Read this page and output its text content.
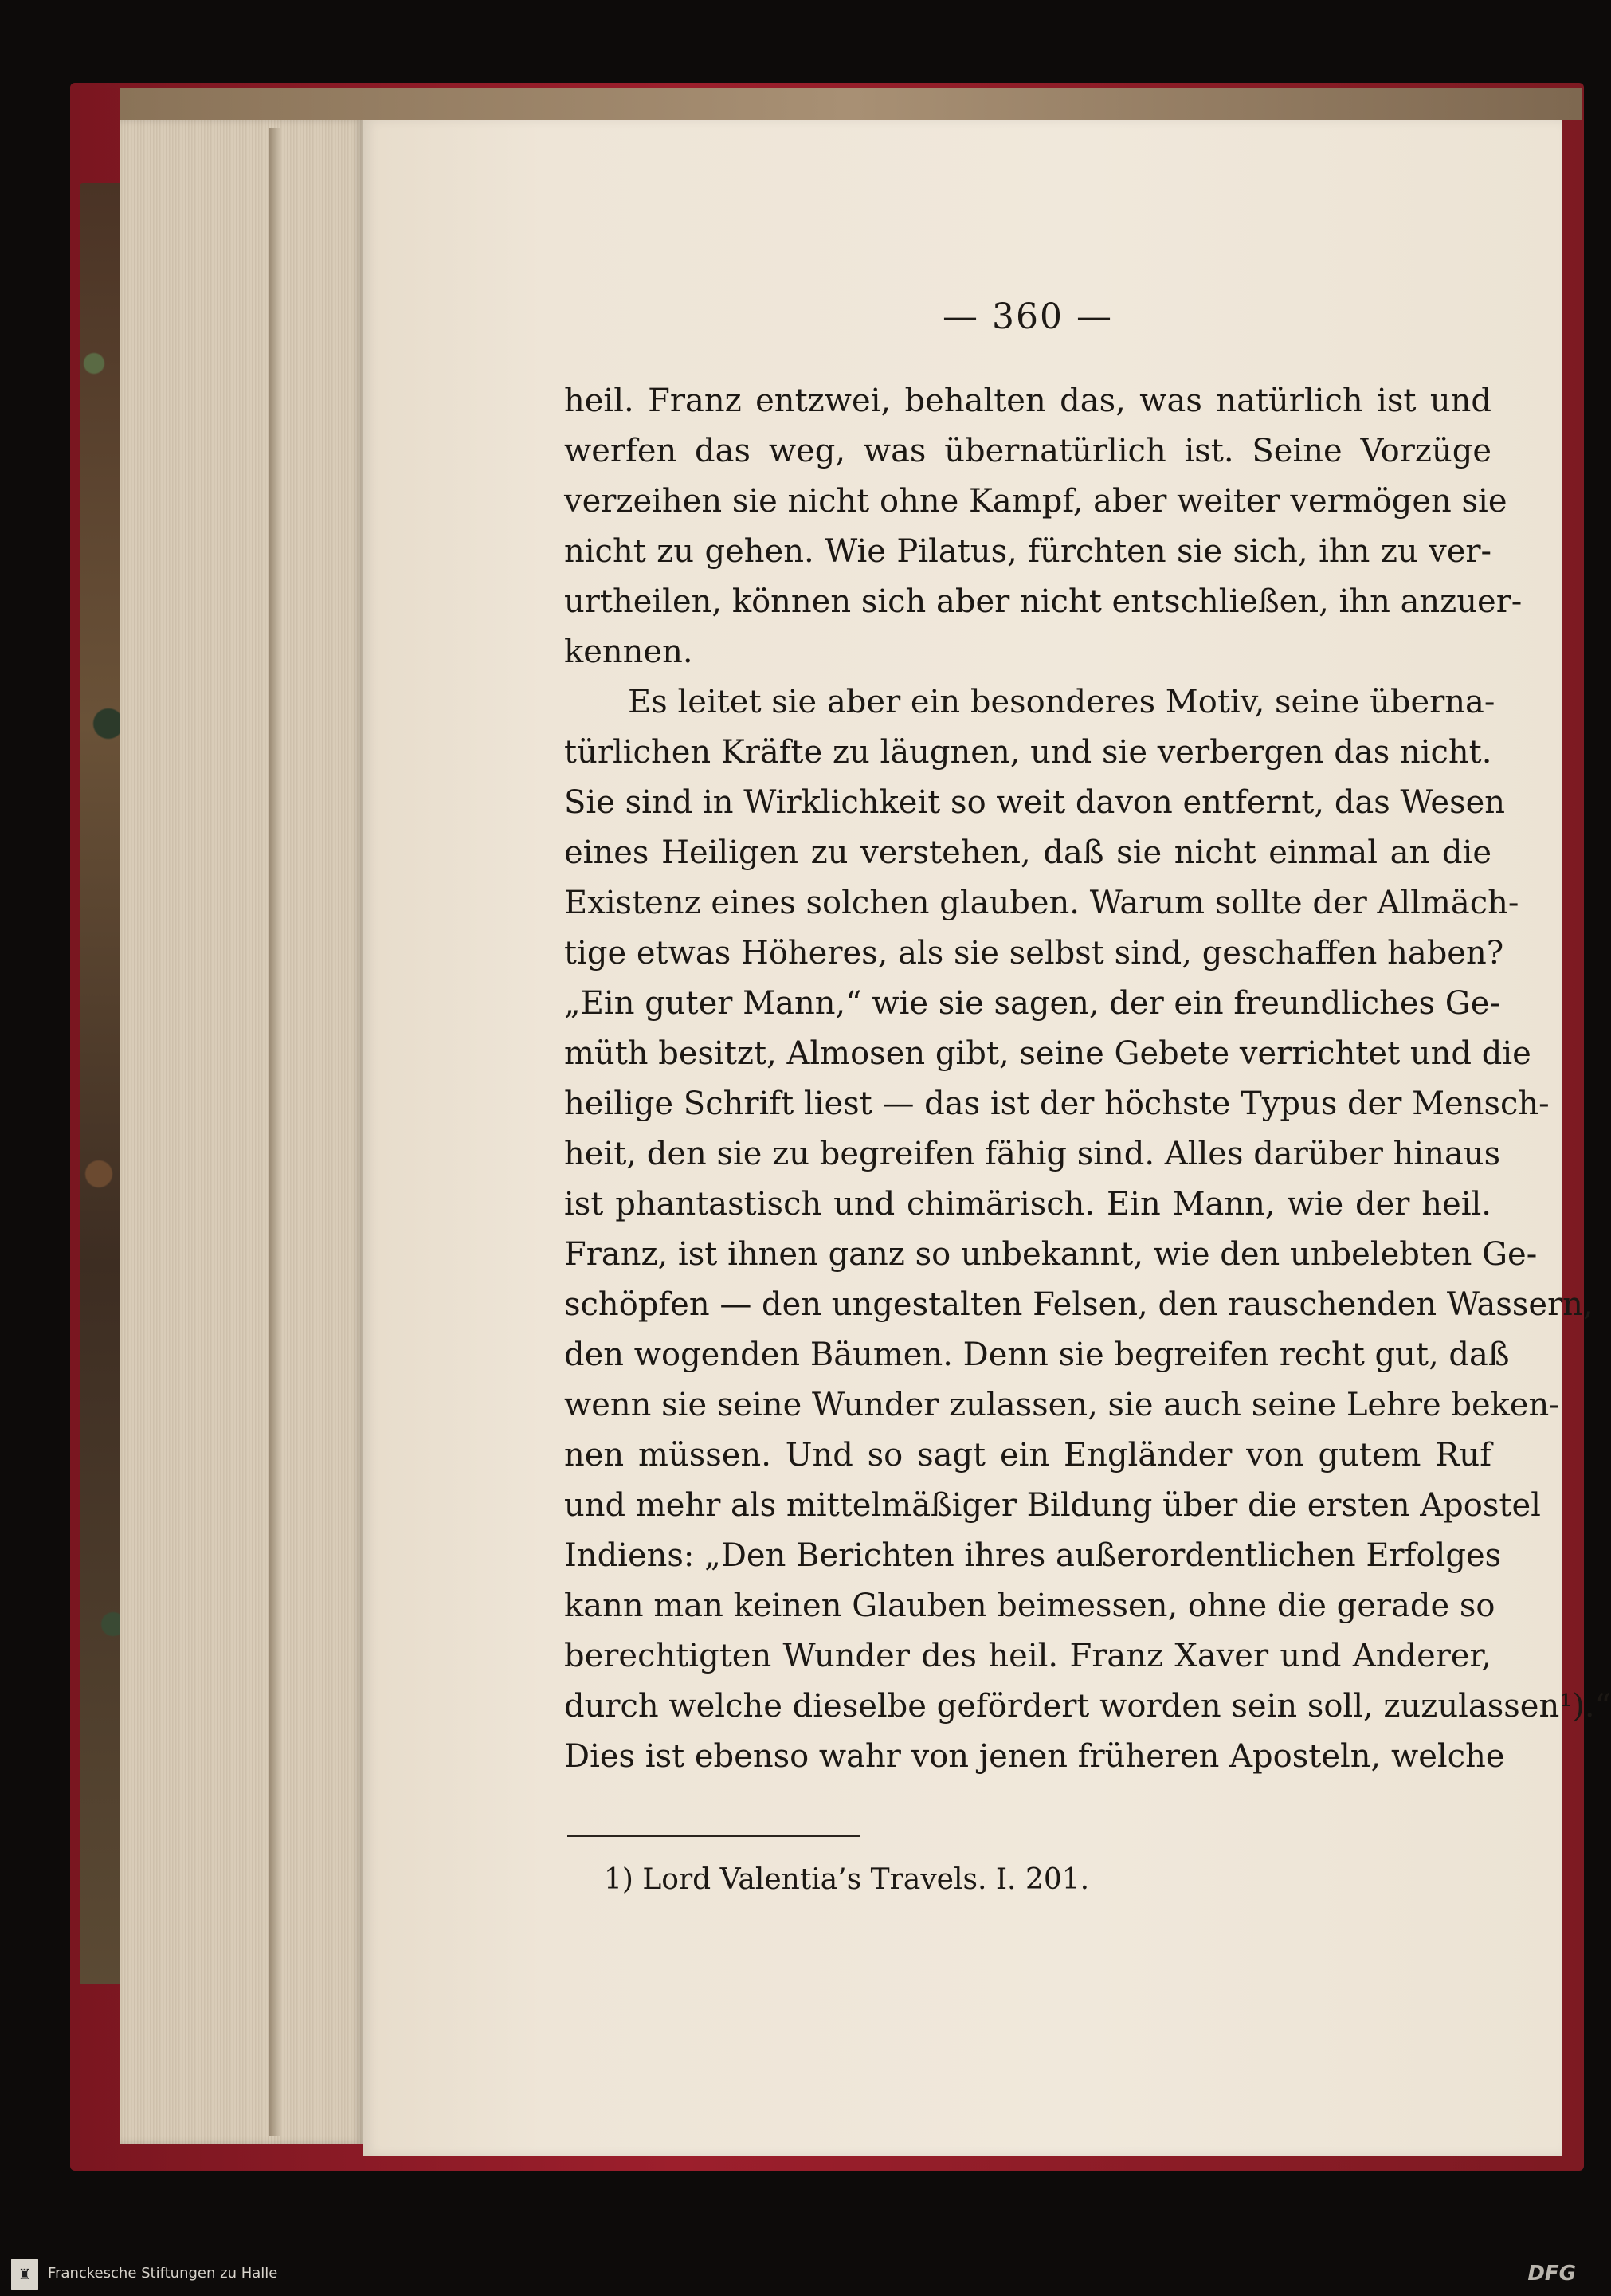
— 360 —
heil. Franz entzwei, behalten das, was natürlich ist und
werfen das weg, was übernatürlich ist. Seine Vorzüge
verzeihen sie nicht ohne Kampf, aber weiter vermögen sie
nicht zu gehen. Wie Pilatus, fürchten sie sich, ihn zu ver-
urtheilen, können sich aber nicht entschließen, ihn anzuer-
kennen.
Es leitet sie aber ein besonderes Motiv, seine überna-
türlichen Kräfte zu läugnen, und sie verbergen das nicht.
Sie sind in Wirklichkeit so weit davon entfernt, das Wesen
eines Heiligen zu verstehen, daß sie nicht einmal an die
Existenz eines solchen glauben. Warum sollte der Allmäch-
tige etwas Höheres, als sie selbst sind, geschaffen haben?
„Ein guter Mann,“ wie sie sagen, der ein freundliches Ge-
müth besitzt, Almosen gibt, seine Gebete verrichtet und die
heilige Schrift liest — das ist der höchste Typus der Mensch-
heit, den sie zu begreifen fähig sind. Alles darüber hinaus
ist phantastisch und chimärisch. Ein Mann, wie der heil.
Franz, ist ihnen ganz so unbekannt, wie den unbelebten Ge-
schöpfen — den ungestalten Felsen, den rauschenden Wassern,
den wogenden Bäumen. Denn sie begreifen recht gut, daß
wenn sie seine Wunder zulassen, sie auch seine Lehre beken-
nen müssen. Und so sagt ein Engländer von gutem Ruf
und mehr als mittelmäßiger Bildung über die ersten Apostel
Indiens: „Den Berichten ihres außerordentlichen Erfolges
kann man keinen Glauben beimessen, ohne die gerade so
berechtigten Wunder des heil. Franz Xaver und Anderer,
durch welche dieselbe gefördert worden sein soll, zuzulassen¹).“
Dies ist ebenso wahr von jenen früheren Aposteln, welche
1) Lord Valentia’s Travels. I. 201.
♜	Franckesche Stiftungen zu Halle	DFG
